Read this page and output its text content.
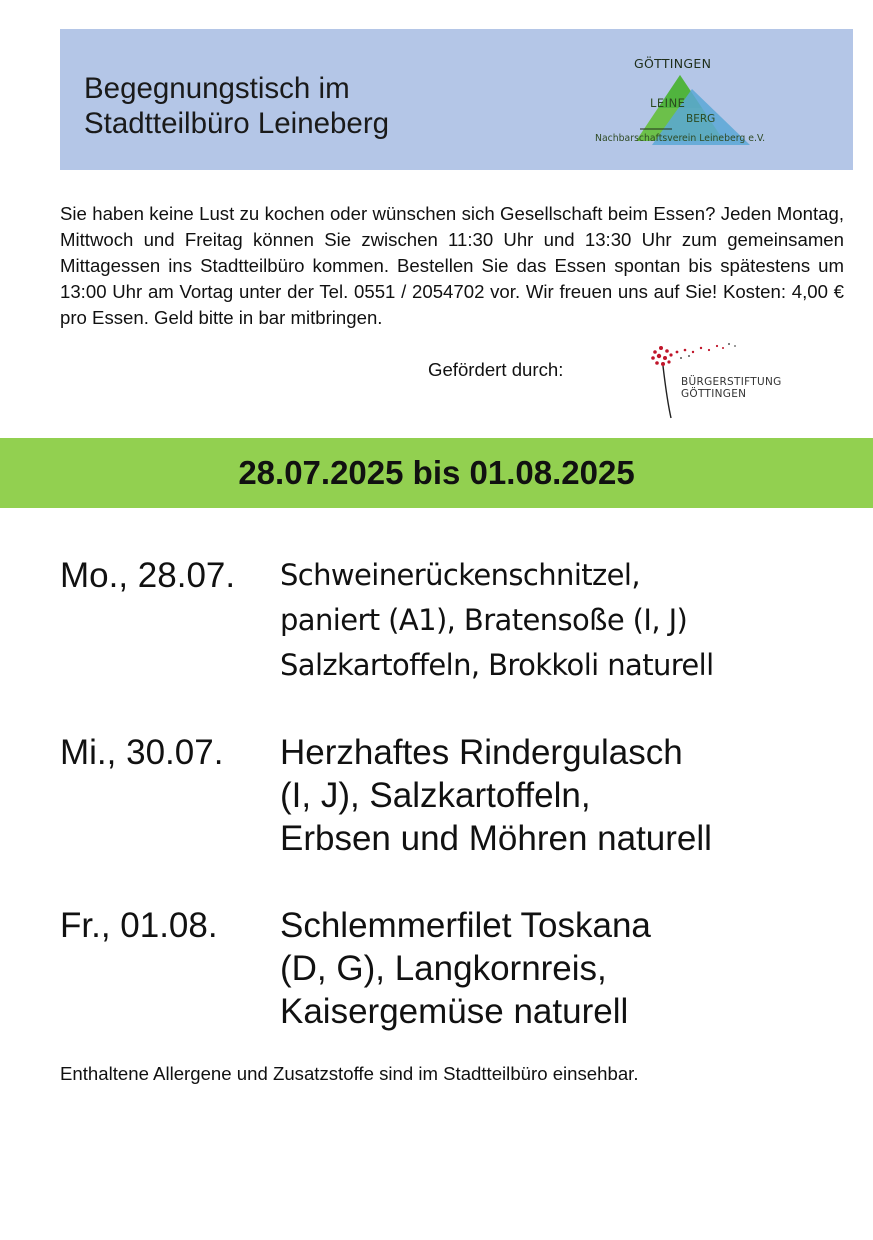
Begegnungstisch im
Stadtteilbüro Leineberg
GÖTTINGEN
LEINE
BERG
Nachbarschaftsverein Leineberg e.V.
Sie haben keine Lust zu kochen oder wünschen sich Gesellschaft beim Essen? Jeden Montag, Mittwoch und Freitag können Sie zwischen 11:30 Uhr und 13:30 Uhr zum gemeinsamen Mittagessen ins Stadtteilbüro kommen. Bestellen Sie das Essen spontan bis spätestens um 13:00 Uhr am Vortag unter der Tel. 0551 / 2054702 vor. Wir freuen uns auf Sie! Kosten: 4,00 € pro Essen. Geld bitte in bar mitbringen.
Gefördert durch:
BÜRGERSTIFTUNG
GÖTTINGEN
28.07.2025 bis 01.08.2025
Mo., 28.07. Schweinerückenschnitzel,
paniert (A1), Bratensoße (I, J)
Salzkartoffeln, Brokkoli naturell
Mi., 30.07. Herzhaftes Rindergulasch
(I, J), Salzkartoffeln,
Erbsen und Möhren naturell
Fr., 01.08. Schlemmerfilet Toskana
(D, G), Langkornreis,
Kaisergemüse naturell
Enthaltene Allergene und Zusatzstoffe sind im Stadtteilbüro einsehbar.
